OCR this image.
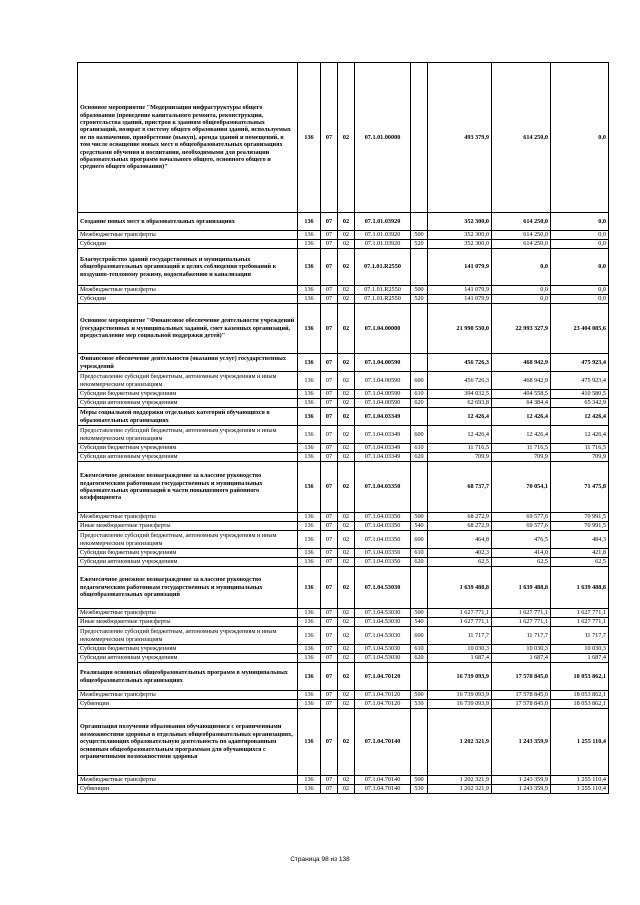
Основное мероприятие "Модернизация инфраструктуры общего образования (проведение капитального ремонта, реконструкции, строительства зданий, пристроя к зданиям общеобразовательных организаций, возврат в систему общего образования зданий, используемых не по назначению, приобретение (выкуп), аренда зданий и помещений, в том числе оснащение новых мест в общеобразовательных организациях средствами обучения и воспитания, необходимыми для реализации образовательных программ начального общего, основного общего и среднего общего образования)"	136	07	02	07.1.01.00000		493 379,9	614 250,0	0,0
Создание новых мест в образовательных организациях	136	07	02	07.1.01.03920		352 300,0	614 250,0	0,0
Межбюджетные трансферты	136	07	02	07.1.01.03920	500	352 300,0	614 250,0	0,0
Субсидии	136	07	02	07.1.01.03920	520	352 300,0	614 250,0	0,0
Благоустройство зданий государственных и муниципальных общеобразовательных организаций в целях соблюдения требований к воздушно-тепловому режиму, водоснабжению и канализации	136	07	02	07.1.01.R2550		141 079,9	0,0	0,0
Межбюджетные трансферты	136	07	02	07.1.01.R2550	500	141 079,9	0,0	0,0
Субсидии	136	07	02	07.1.01.R2550	520	141 079,9	0,0	0,0
Основное мероприятие "Финансовое обеспечение деятельности учреждений (государственных и муниципальных заданий, смет казенных организаций, предоставление мер социальной поддержки детей)"	136	07	02	07.1.04.00000		21 990 530,0	22 993 327,9	23 404 085,6
Финансовое обеспечение деятельности (оказания услуг) государственных учреждений	136	07	02	07.1.04.00590		456 726,3	468 942,9	475 923,4
Предоставление субсидий бюджетным, автономным учреждениям и иным некоммерческим организациям	136	07	02	07.1.04.00590	600	456 726,3	468 942,9	475 923,4
Субсидии бюджетным учреждениям	136	07	02	07.1.04.00590	610	394 032,5	404 558,5	410 580,5
Субсидии автономным учреждениям	136	07	02	07.1.04.00590	620	62 693,8	64 384,4	65 342,9
Меры социальной поддержки отдельных категорий обучающихся в образовательных организациях	136	07	02	07.1.04.03349		12 426,4	12 426,4	12 426,4
Предоставление субсидий бюджетным, автономным учреждениям и иным некоммерческим организациям	136	07	02	07.1.04.03349	600	12 426,4	12 426,4	12 426,4
Субсидии бюджетным учреждениям	136	07	02	07.1.04.03349	610	11 716,5	11 716,5	11 716,5
Субсидии автономным учреждениям	136	07	02	07.1.04.03349	620	709,9	709,9	709,9
Ежемесячное денежное вознаграждение за классное руководство педагогическим работникам государственных и муниципальных образовательных организаций в части повышенного районного коэффициента	136	07	02	07.1.04.03350		68 737,7	70 054,1	71 475,8
Межбюджетные трансферты	136	07	02	07.1.04.03350	500	68 272,9	69 577,6	70 991,5
Иные межбюджетные трансферты	136	07	02	07.1.04.03350	540	68 272,9	69 577,6	70 991,5
Предоставление субсидий бюджетным, автономным учреждениям и иным некоммерческим организациям	136	07	02	07.1.04.03350	600	464,8	476,5	484,3
Субсидии бюджетным учреждениям	136	07	02	07.1.04.03350	610	402,3	414,0	421,8
Субсидии автономным учреждениям	136	07	02	07.1.04.03350	620	62,5	62,5	62,5
Ежемесячное денежное вознаграждение за классное руководство педагогическим работникам государственных и муниципальных общеобразовательных организаций	136	07	02	07.1.04.53030		1 639 488,8	1 639 488,8	1 639 488,8
Межбюджетные трансферты	136	07	02	07.1.04.53030	500	1 627 771,1	1 627 771,1	1 627 771,1
Иные межбюджетные трансферты	136	07	02	07.1.04.53030	540	1 627 771,1	1 627 771,1	1 627 771,1
Предоставление субсидий бюджетным, автономным учреждениям и иным некоммерческим организациям	136	07	02	07.1.04.53030	600	11 717,7	11 717,7	11 717,7
Субсидии бюджетным учреждениям	136	07	02	07.1.04.53030	610	10 030,3	10 030,3	10 030,3
Субсидии автономным учреждениям	136	07	02	07.1.04.53030	620	1 687,4	1 687,4	1 687,4
Реализация основных общеобразовательных программ в муниципальных общеобразовательных организациях	136	07	02	07.1.04.70120		16 739 093,9	17 578 845,0	18 053 862,1
Межбюджетные трансферты	136	07	02	07.1.04.70120	500	16 739 093,9	17 578 845,0	18 053 862,1
Субвенции	136	07	02	07.1.04.70120	530	16 739 093,9	17 578 845,0	18 053 862,1
Организация получения образования обучающимися с ограниченными возможностями здоровья в отдельных общеобразовательных организациях, осуществляющих образовательную деятельность по адаптированным основным общеобразовательным программам для обучающихся с ограниченными возможностями здоровья	136	07	02	07.1.04.70140		1 202 321,9	1 243 359,9	1 255 110,4
Межбюджетные трансферты	136	07	02	07.1.04.70140	500	1 202 321,9	1 243 359,9	1 255 110,4
Субвенции	136	07	02	07.1.04.70140	530	1 202 321,9	1 243 359,9	1 255 110,4
Страница 98 из 138
